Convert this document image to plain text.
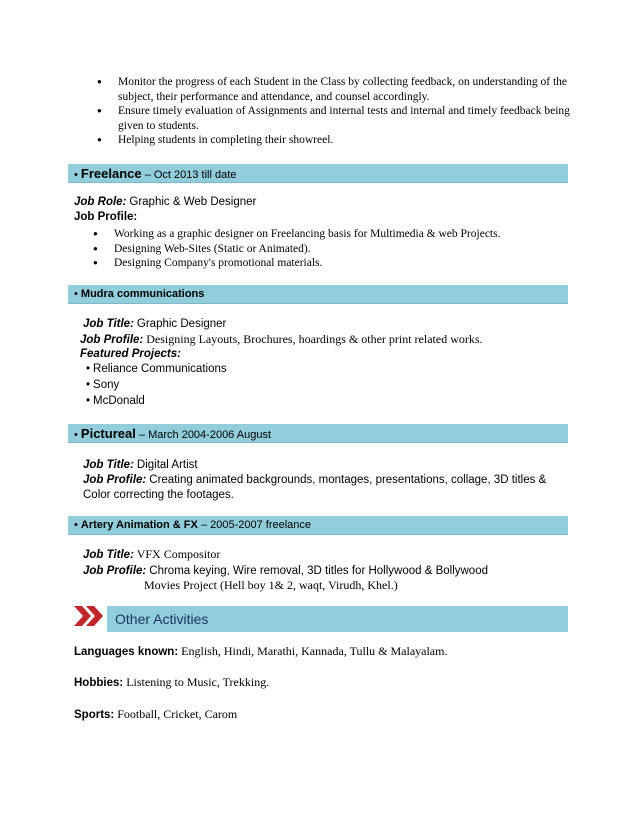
● Monitor the progress of each Student in the Class by collecting feedback, on understanding of the subject, their performance and attendance, and counsel accordingly.
● Ensure timely evaluation of Assignments and internal tests and internal and timely feedback being given to students.
● Helping students in completing their showreel.
• Freelance – Oct 2013 till date
Job Role: Graphic & Web Designer
Job Profile:
● Working as a graphic designer on Freelancing basis for Multimedia & web Projects.
● Designing Web-Sites (Static or Animated).
● Designing Company's promotional materials.
• Mudra communications
Job Title: Graphic Designer
Job Profile: Designing Layouts, Brochures, hoardings & other print related works.
Featured Projects:
• Reliance Communications
• Sony
• McDonald
• Pictureal – March 2004-2006 August
Job Title: Digital Artist
Job Profile: Creating animated backgrounds, montages, presentations, collage, 3D titles &
Color correcting the footages.
• Artery Animation & FX – 2005-2007 freelance
Job Title: VFX Compositor
Job Profile: Chroma keying, Wire removal, 3D titles for Hollywood & Bollywood
Movies Project (Hell boy 1& 2, waqt, Virudh, Khel.)
Other Activities
Languages known: English, Hindi, Marathi, Kannada, Tullu & Malayalam.
Hobbies: Listening to Music, Trekking.
Sports: Football, Cricket, Carom
